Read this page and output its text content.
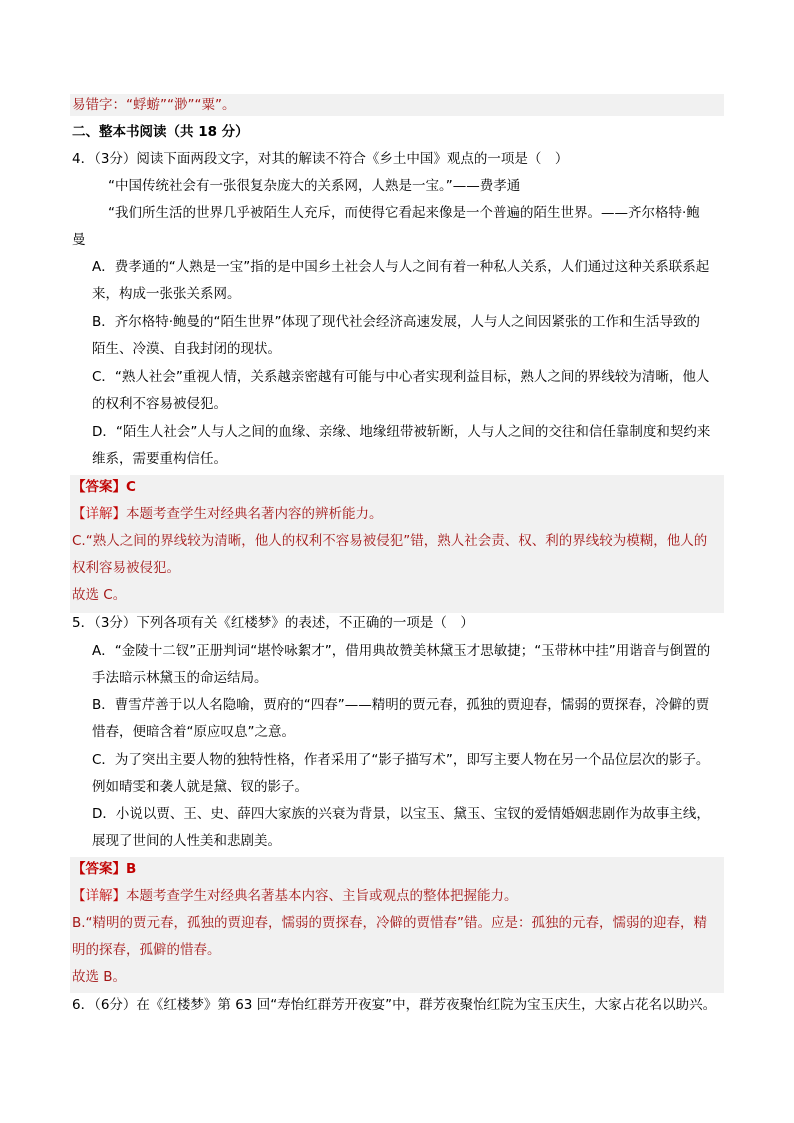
易错字：“蜉蝣”“渺”“粟”。
二、整本书阅读（共 18 分）
4．（3分）阅读下面两段文字，对其的解读不符合《乡土中国》观点的一项是（　）
“中国传统社会有一张很复杂庞大的关系网，人熟是一宝。”——费孝通
“我们所生活的世界几乎被陌生人充斥，而使得它看起来像是一个普遍的陌生世界。——齐尔格特·鲍
曼
A．费孝通的“人熟是一宝”指的是中国乡土社会人与人之间有着一种私人关系，人们通过这种关系联系起
来，构成一张张关系网。
B．齐尔格特·鲍曼的“陌生世界”体现了现代社会经济高速发展，人与人之间因紧张的工作和生活导致的
陌生、冷漠、自我封闭的现状。
C．“熟人社会”重视人情，关系越亲密越有可能与中心者实现利益目标，熟人之间的界线较为清晰，他人
的权利不容易被侵犯。
D．“陌生人社会”人与人之间的血缘、亲缘、地缘纽带被斩断，人与人之间的交往和信任靠制度和契约来
维系，需要重构信任。
【答案】C
【详解】本题考查学生对经典名著内容的辨析能力。
C.“熟人之间的界线较为清晰，他人的权利不容易被侵犯”错，熟人社会责、权、利的界线较为模糊，他人的
权利容易被侵犯。
故选 C。
5．（3分）下列各项有关《红楼梦》的表述，不正确的一项是（　）
A．“金陵十二钗”正册判词“堪怜咏絮才”，借用典故赞美林黛玉才思敏捷；“玉带林中挂”用谐音与倒置的
手法暗示林黛玉的命运结局。
B．曹雪芹善于以人名隐喻，贾府的“四春”——精明的贾元春，孤独的贾迎春，懦弱的贾探春，冷僻的贾
惜春，便暗含着“原应叹息”之意。
C．为了突出主要人物的独特性格，作者采用了“影子描写术”，即写主要人物在另一个品位层次的影子。
例如晴雯和袭人就是黛、钗的影子。
D．小说以贾、王、史、薛四大家族的兴衰为背景，以宝玉、黛玉、宝钗的爱情婚姻悲剧作为故事主线，
展现了世间的人性美和悲剧美。
【答案】B
【详解】本题考查学生对经典名著基本内容、主旨或观点的整体把握能力。
B.“精明的贾元春，孤独的贾迎春，懦弱的贾探春，冷僻的贾惜春”错。应是：孤独的元春，懦弱的迎春，精
明的探春，孤僻的惜春。
故选 B。
6．（6分）在《红楼梦》第 63 回“寿怡红群芳开夜宴”中，群芳夜聚怡红院为宝玉庆生，大家占花名以助兴。
